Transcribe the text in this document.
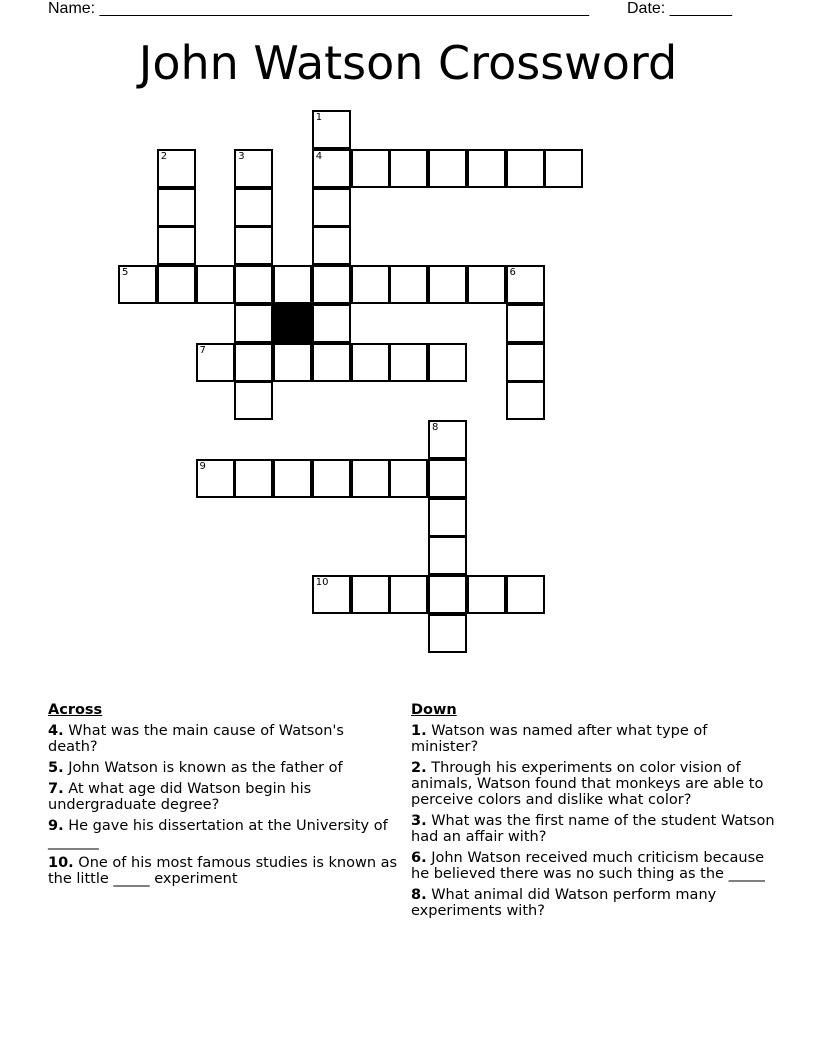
Name: _______________________________________________________ Date: _______
John Watson Crossword
1
2	3	4
5	6
7
8
9
10
Across
4. What was the main cause of Watson's death?
5. John Watson is known as the father of
7. At what age did Watson begin his undergraduate degree?
9. He gave his dissertation at the University of _______
10. One of his most famous studies is known as the little _____ experiment
Down
1. Watson was named after what type of minister?
2. Through his experiments on color vision of animals, Watson found that monkeys are able to perceive colors and dislike what color?
3. What was the first name of the student Watson had an affair with?
6. John Watson received much criticism because he believed there was no such thing as the _____
8. What animal did Watson perform many experiments with?
